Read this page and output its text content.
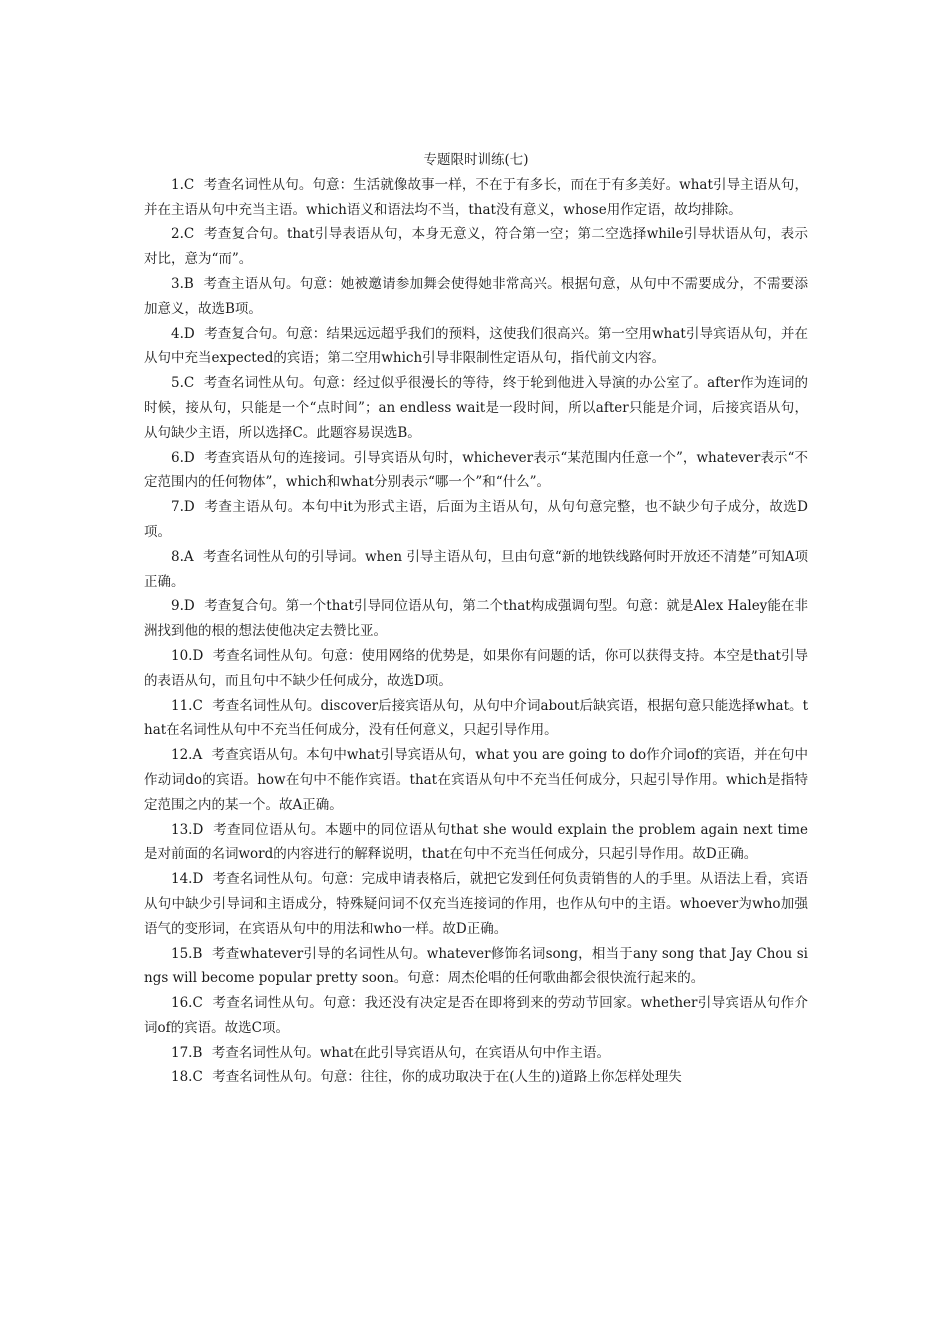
专题限时训练(七)

1.C 考查名词性从句。句意：生活就像故事一样，不在于有多长，而在于有多美好。what引导主语从句，并在主语从句中充当主语。which语义和语法均不当，that没有意义，whose用作定语，故均排除。

2.C 考查复合句。that引导表语从句，本身无意义，符合第一空；第二空选择while引导状语从句，表示对比，意为“而”。

3.B 考查主语从句。句意：她被邀请参加舞会使得她非常高兴。根据句意，从句中不需要成分，不需要添加意义，故选B项。

4.D 考查复合句。句意：结果远远超乎我们的预料，这使我们很高兴。第一空用what引导宾语从句，并在从句中充当expected的宾语；第二空用which引导非限制性定语从句，指代前文内容。

5.C 考查名词性从句。句意：经过似乎很漫长的等待，终于轮到他进入导演的办公室了。after作为连词的时候，接从句，只能是一个“点时间”；an endless wait是一段时间，所以after只能是介词，后接宾语从句，从句缺少主语，所以选择C。此题容易误选B。

6.D 考查宾语从句的连接词。引导宾语从句时，whichever表示“某范围内任意一个”，whatever表示“不定范围内的任何物体”，which和what分别表示“哪一个”和“什么”。

7.D 考查主语从句。本句中it为形式主语，后面为主语从句，从句句意完整，也不缺少句子成分，故选D项。

8.A 考查名词性从句的引导词。when 引导主语从句，旦由句意“新的地铁线路何时开放还不清楚”可知A项正确。

9.D 考查复合句。第一个that引导同位语从句，第二个that构成强调句型。句意：就是Alex Haley能在非洲找到他的根的想法使他决定去赞比亚。

10.D 考查名词性从句。句意：使用网络的优势是，如果你有问题的话，你可以获得支持。本空是that引导的表语从句，而且句中不缺少任何成分，故选D项。

11.C 考查名词性从句。discover后接宾语从句，从句中介词about后缺宾语，根据句意只能选择what。that在名词性从句中不充当任何成分，没有任何意义，只起引导作用。

12.A 考查宾语从句。本句中what引导宾语从句，what you are going to do作介词of的宾语，并在句中作动词do的宾语。how在句中不能作宾语。that在宾语从句中不充当任何成分，只起引导作用。which是指特定范围之内的某一个。故A正确。

13.D 考查同位语从句。本题中的同位语从句that she would explain the problem again next time是对前面的名词word的内容进行的解释说明，that在句中不充当任何成分，只起引导作用。故D正确。

14.D 考查名词性从句。句意：完成申请表格后，就把它发到任何负责销售的人的手里。从语法上看，宾语从句中缺少引导词和主语成分，特殊疑问词不仅充当连接词的作用，也作从句中的主语。whoever为who加强语气的变形词，在宾语从句中的用法和who一样。故D正确。

15.B 考查whatever引导的名词性从句。whatever修饰名词song，相当于any song that Jay Chou sings will become popular pretty soon。句意：周杰伦唱的任何歌曲都会很快流行起来的。

16.C 考查名词性从句。句意：我还没有决定是否在即将到来的劳动节回家。whether引导宾语从句作介词of的宾语。故选C项。

17.B 考查名词性从句。what在此引导宾语从句，在宾语从句中作主语。

18.C 考查名词性从句。句意：往往，你的成功取决于在(人生的)道路上你怎样处理失
